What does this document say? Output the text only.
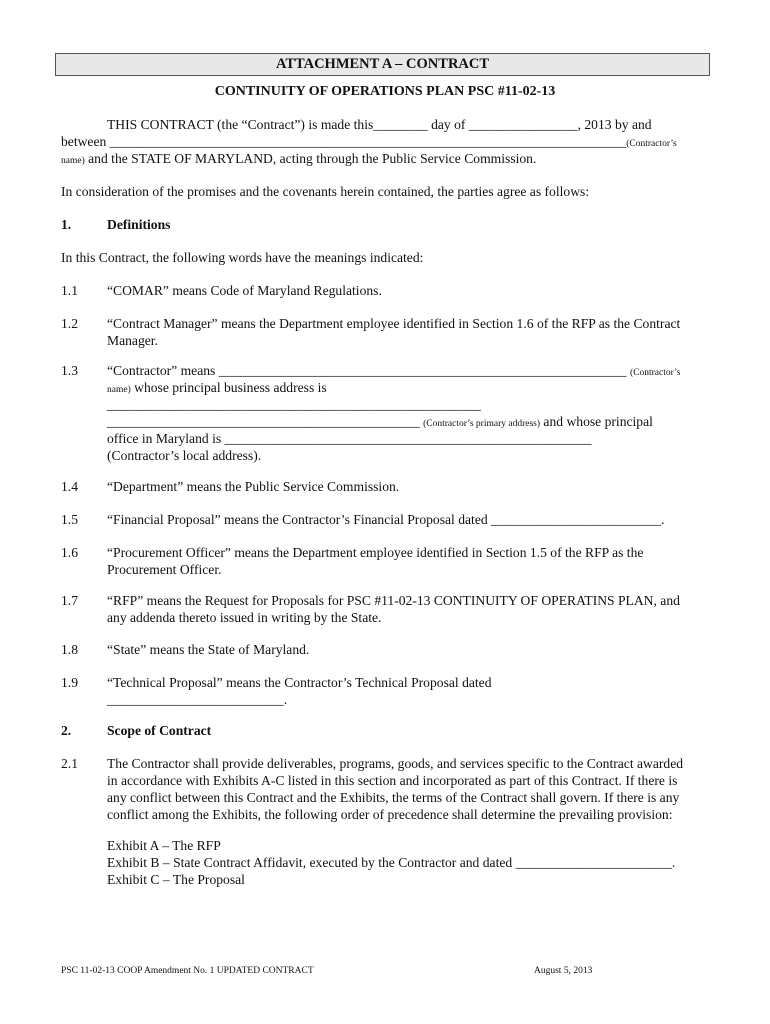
ATTACHMENT A – CONTRACT
CONTINUITY OF OPERATIONS PLAN PSC #11-02-13
THIS CONTRACT (the “Contract”) is made this________ day of ________________, 2013 by and
between ____________________________________________________________________________(Contractor’s
name) and the STATE OF MARYLAND, acting through the Public Service Commission.
In consideration of the promises and the covenants herein contained, the parties agree as follows:
1.	Definitions
In this Contract, the following words have the meanings indicated:
1.1 “COMAR” means Code of Maryland Regulations.
1.2 “Contract Manager” means the Department employee identified in Section 1.6 of the RFP as the Contract
Manager.
1.3 “Contractor” means ____________________________________________________________ (Contractor’s
name) whose principal business address is
_______________________________________________________
______________________________________________ (Contractor’s primary address) and whose principal
office in Maryland is ______________________________________________________
(Contractor’s local address).
1.4 “Department” means the Public Service Commission.
1.5 “Financial Proposal” means the Contractor’s Financial Proposal dated _________________________.
1.6 “Procurement Officer” means the Department employee identified in Section 1.5 of the RFP as the
Procurement Officer.
1.7 “RFP” means the Request for Proposals for PSC #11-02-13 CONTINUITY OF OPERATINS PLAN, and
any addenda thereto issued in writing by the State.
1.8 “State” means the State of Maryland.
1.9 “Technical Proposal” means the Contractor’s Technical Proposal dated
__________________________.
2.	Scope of Contract
2.1 The Contractor shall provide deliverables, programs, goods, and services specific to the Contract awarded
in accordance with Exhibits A-C listed in this section and incorporated as part of this Contract. If there is
any conflict between this Contract and the Exhibits, the terms of the Contract shall govern. If there is any
conflict among the Exhibits, the following order of precedence shall determine the prevailing provision:
Exhibit A – The RFP
Exhibit B – State Contract Affidavit, executed by the Contractor and dated _______________________.
Exhibit C – The Proposal
PSC 11-02-13 COOP Amendment No. 1 UPDATED CONTRACT	August 5, 2013
